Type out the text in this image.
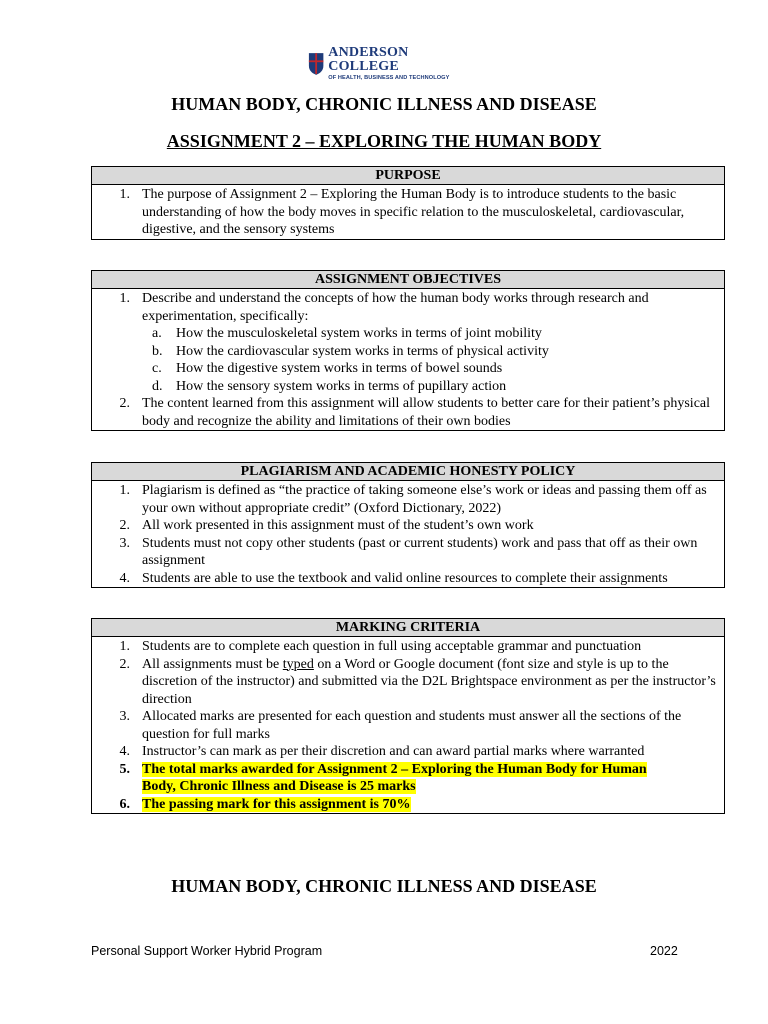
ANDERSON COLLEGE
OF HEALTH, BUSINESS AND TECHNOLOGY
HUMAN BODY, CHRONIC ILLNESS AND DISEASE
ASSIGNMENT 2 – EXPLORING THE HUMAN BODY
PURPOSE
1. The purpose of Assignment 2 – Exploring the Human Body is to introduce students to the basic understanding of how the body moves in specific relation to the musculoskeletal, cardiovascular, digestive, and the sensory systems
ASSIGNMENT OBJECTIVES
1. Describe and understand the concepts of how the human body works through research and experimentation, specifically:
a.	How the musculoskeletal system works in terms of joint mobility
b. How the cardiovascular system works in terms of physical activity
c.	How the digestive system works in terms of bowel sounds
d. How the sensory system works in terms of pupillary action
2. The content learned from this assignment will allow students to better care for their patient’s physical body and recognize the ability and limitations of their own bodies
PLAGIARISM AND ACADEMIC HONESTY POLICY
1. Plagiarism is defined as “the practice of taking someone else’s work or ideas and passing them off as your own without appropriate credit” (Oxford Dictionary, 2022)
2. All work presented in this assignment must of the student’s own work
3. Students must not copy other students (past or current students) work and pass that off as their own assignment
4. Students are able to use the textbook and valid online resources to complete their assignments
MARKING CRITERIA
1. Students are to complete each question in full using acceptable grammar and punctuation
2. All assignments must be typed on a Word or Google document (font size and style is up to the discretion of the instructor) and submitted via the D2L Brightspace environment as per the instructor’s direction
3. Allocated marks are presented for each question and students must answer all the sections of the question for full marks
4. Instructor’s can mark as per their discretion and can award partial marks where warranted
5. The total marks awarded for Assignment 2 – Exploring the Human Body for Human
Body, Chronic Illness and Disease is 25 marks
6. The passing mark for this assignment is 70%
HUMAN BODY, CHRONIC ILLNESS AND DISEASE
Personal Support Worker Hybrid Program	2022
